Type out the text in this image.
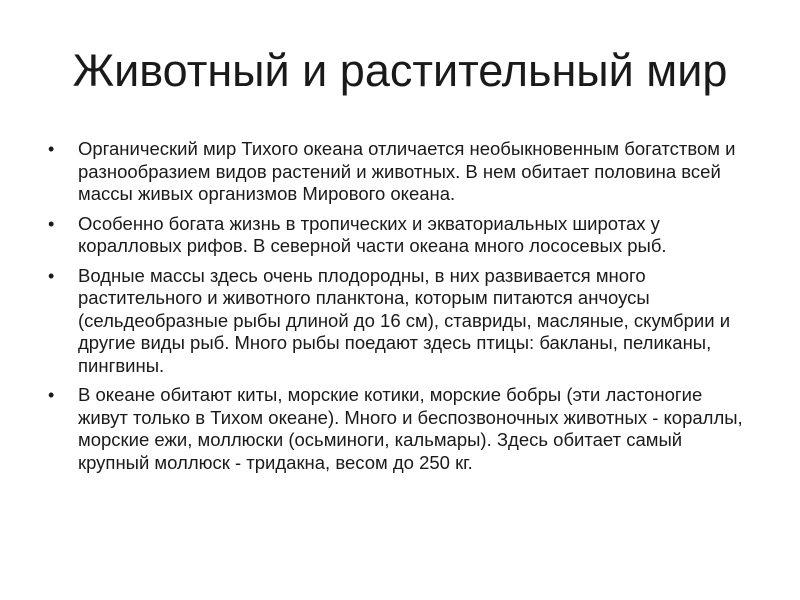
Животный и растительный мир
• Органический мир Тихого океана отличается необыкновенным богатством и разнообразием видов растений и животных. В нем обитает половина всей массы живых организмов Мирового океана.
• Особенно богата жизнь в тропических и экваториальных широтах у коралловых рифов. В северной части океана много лососевых рыб.
• Водные массы здесь очень плодородны, в них развивается много растительного и животного планктона, которым питаются анчоусы (сельдеобразные рыбы длиной до 16 см), ставриды, масляные, скумбрии и другие виды рыб. Много рыбы поедают здесь птицы: бакланы, пеликаны, пингвины.
• В океане обитают киты, морские котики, морские бобры (эти ластоногие живут только в Тихом океане). Много и беспозвоночных животных - кораллы, морские ежи, моллюски (осьминоги, кальмары). Здесь обитает самый крупный моллюск - тридакна, весом до 250 кг.
